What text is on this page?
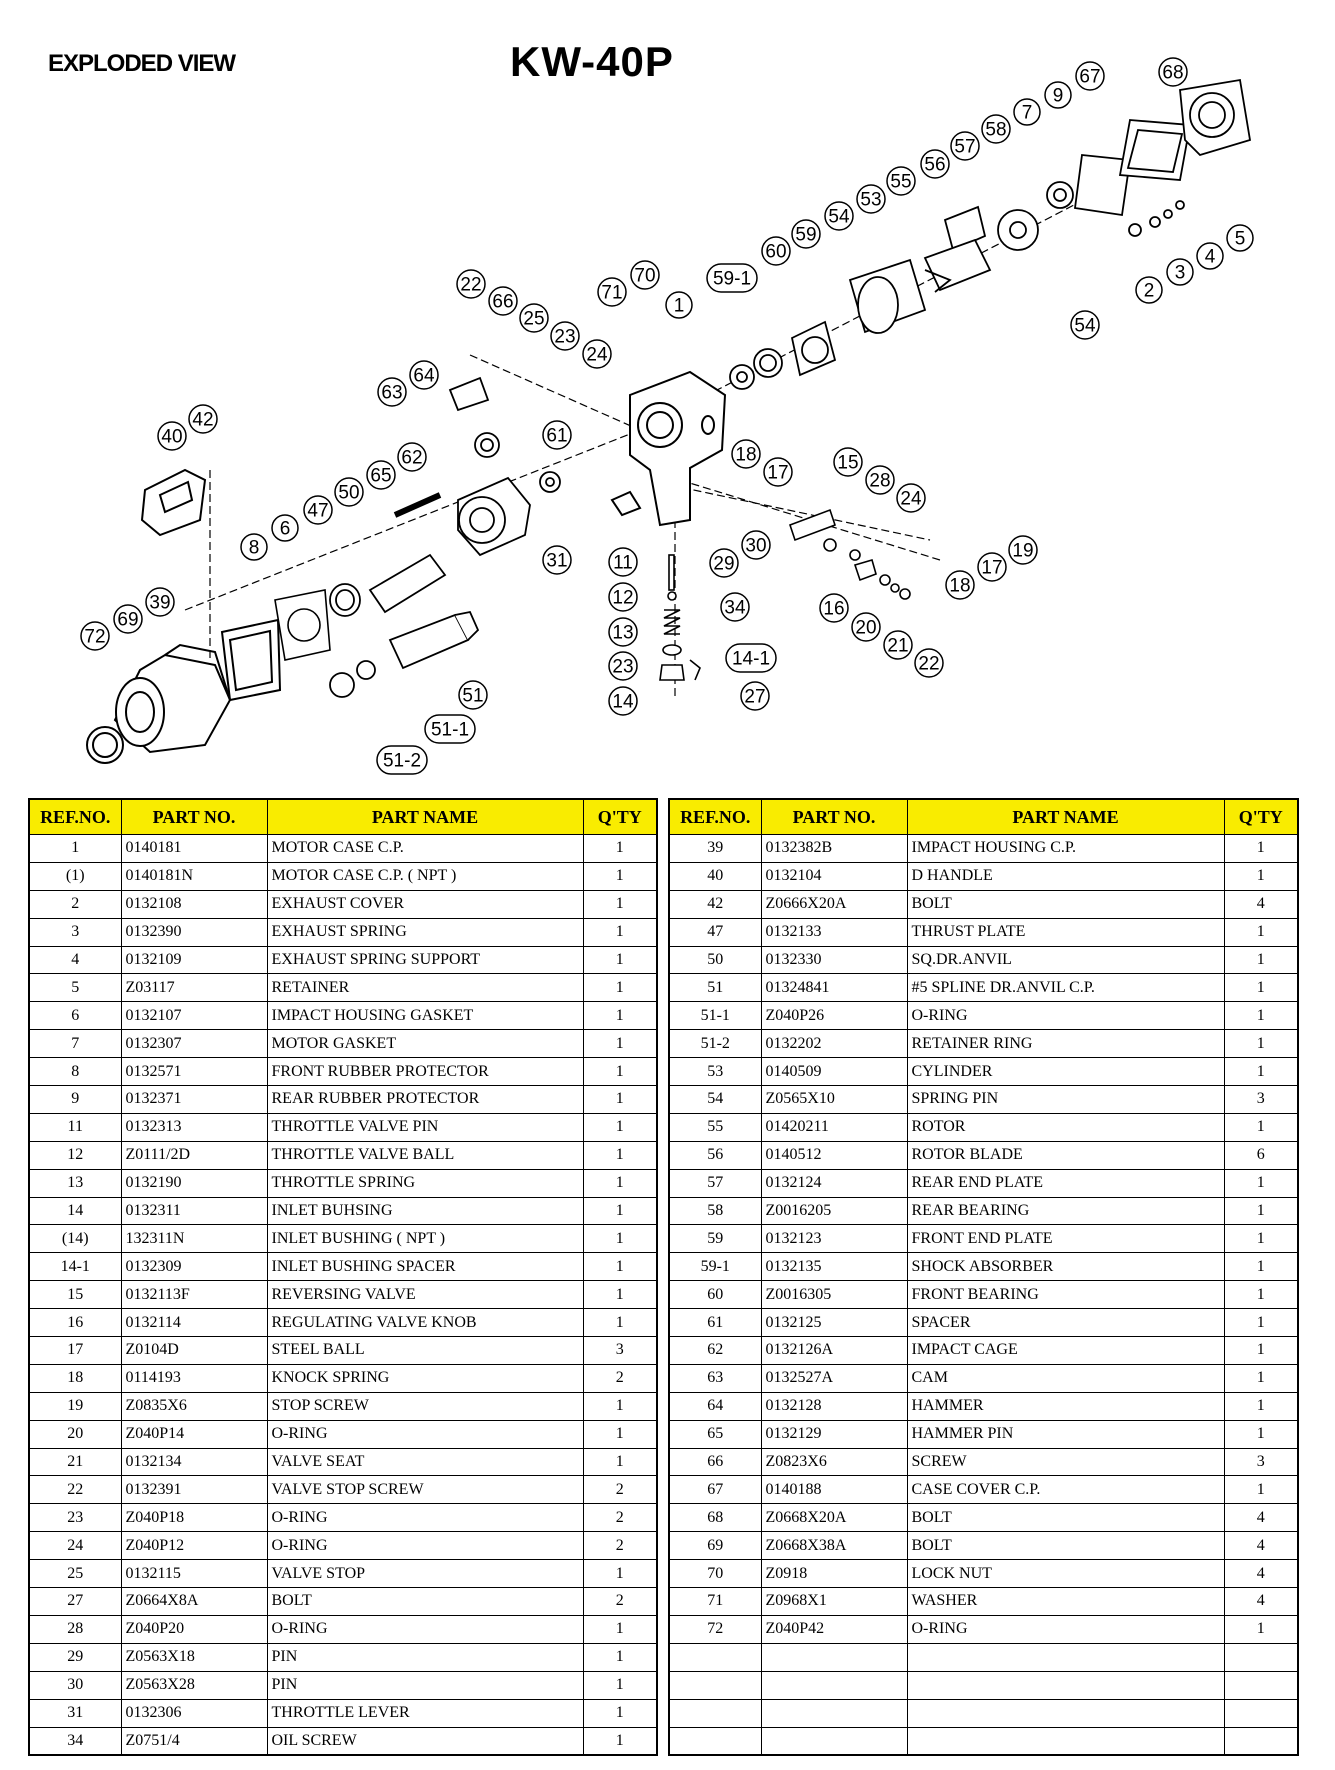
EXPLODED VIEW	KW-40P	68
67
9
7
58
57
56
55
53
54
59
60
5
4
3
2
54
70
71
1
59-1
22
66
25
23
24
64
63
42
40	61
62
65
50
47
6
8
18
17	15
28
24
30
29
31 11
12
13
34
23
14
19
17
18
16
20
21
22
14-1
27
39
69
72
51
51-1
51-2
REF.NO.	PART NO.	PART NAME	Q'TY
1	0140181	MOTOR CASE C.P.	1
(1)	0140181N	MOTOR CASE C.P. ( NPT )	1
2	0132108	EXHAUST COVER	1
3	0132390	EXHAUST SPRING	1
4	0132109	EXHAUST SPRING SUPPORT	1
5	Z03117	RETAINER	1
6	0132107	IMPACT HOUSING GASKET	1
7	0132307	MOTOR GASKET	1
8	0132571	FRONT RUBBER PROTECTOR	1
9	0132371	REAR RUBBER PROTECTOR	1
11	0132313	THROTTLE VALVE PIN	1
12	Z0111/2D	THROTTLE VALVE BALL	1
13	0132190	THROTTLE SPRING	1
14	0132311	INLET BUHSING	1
(14)	132311N	INLET BUSHING ( NPT )	1
14-1	0132309	INLET BUSHING SPACER	1
15	0132113F	REVERSING VALVE	1
16	0132114	REGULATING VALVE KNOB	1
17	Z0104D	STEEL BALL	3
18	0114193	KNOCK SPRING	2
19	Z0835X6	STOP SCREW	1
20	Z040P14	O-RING	1
21	0132134	VALVE SEAT	1
22	0132391	VALVE STOP SCREW	2
23	Z040P18	O-RING	2
24	Z040P12	O-RING	2
25	0132115	VALVE STOP	1
27	Z0664X8A	BOLT	2
28	Z040P20	O-RING	1
29	Z0563X18	PIN	1
30	Z0563X28	PIN	1
31	0132306	THROTTLE LEVER	1
34	Z0751/4	OIL SCREW	1
REF.NO.	PART NO.	PART NAME	Q'TY
39	0132382B	IMPACT HOUSING C.P.	1
40	0132104	D HANDLE	1
42	Z0666X20A	BOLT	4
47	0132133	THRUST PLATE	1
50	0132330	SQ.DR.ANVIL	1
51	01324841	#5 SPLINE DR.ANVIL C.P.	1
51-1	Z040P26	O-RING	1
51-2	0132202	RETAINER RING	1
53	0140509	CYLINDER	1
54	Z0565X10	SPRING PIN	3
55	01420211	ROTOR	1
56	0140512	ROTOR BLADE	6
57	0132124	REAR END PLATE	1
58	Z0016205	REAR BEARING	1
59	0132123	FRONT END PLATE	1
59-1	0132135	SHOCK ABSORBER	1
60	Z0016305	FRONT BEARING	1
61	0132125	SPACER	1
62	0132126A	IMPACT CAGE	1
63	0132527A	CAM	1
64	0132128	HAMMER	1
65	0132129	HAMMER PIN	1
66	Z0823X6	SCREW	3
67	0140188	CASE COVER C.P.	1
68	Z0668X20A	BOLT	4
69	Z0668X38A	BOLT	4
70	Z0918	LOCK NUT	4
71	Z0968X1	WASHER	4
72	Z040P42	O-RING	1
